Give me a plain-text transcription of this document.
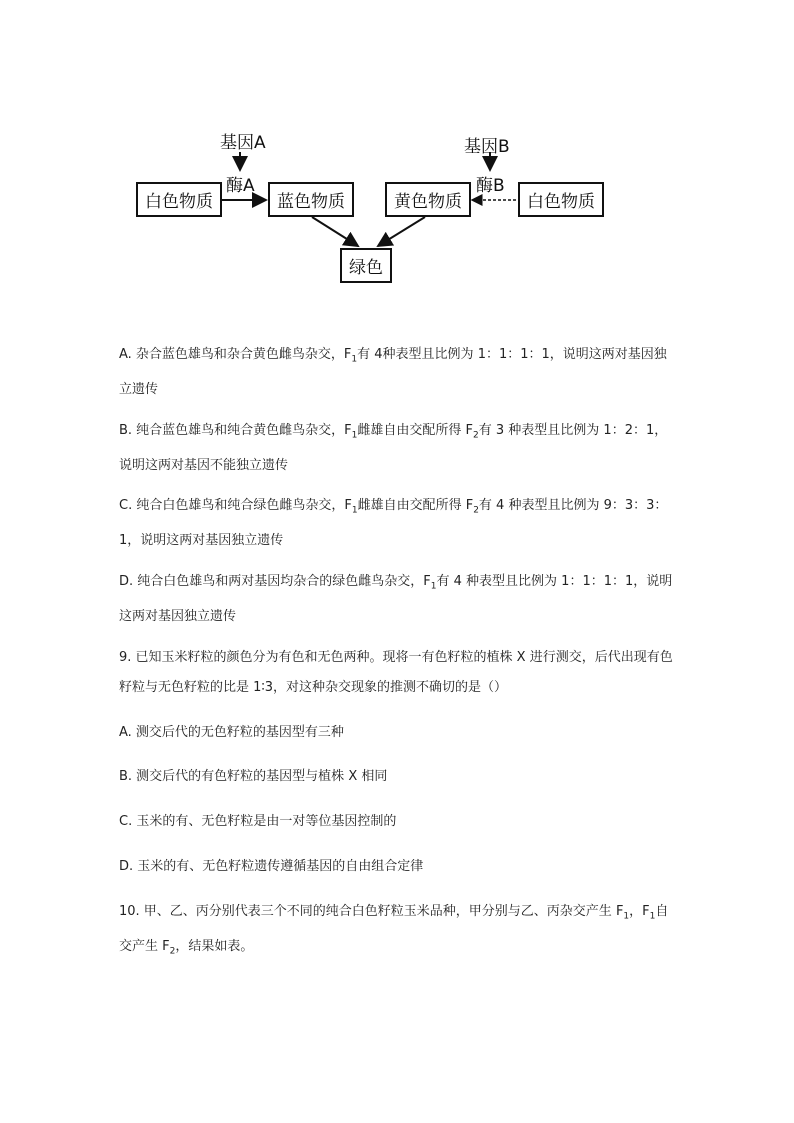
基因A
酶A
基因B
酶B
白色物质	蓝色物质	黄色物质	白色物质
绿色

A. 杂合蓝色雄鸟和杂合黄色雌鸟杂交，$F_1$有 4种表型且比例为 1：1：1：1，说明这两对基因独立遗传

B. 纯合蓝色雄鸟和纯合黄色雌鸟杂交，$F_1$雌雄自由交配所得 $F_2$有 3 种表型且比例为 1：2：1，说明这两对基因不能独立遗传

C. 纯合白色雄鸟和纯合绿色雌鸟杂交，$F_1$雌雄自由交配所得 $F_2$有 4 种表型且比例为 9：3：3：1，说明这两对基因独立遗传

D. 纯合白色雄鸟和两对基因均杂合的绿色雌鸟杂交，$F_1$有 4 种表型且比例为 1：1：1：1，说明这两对基因独立遗传

9. 已知玉米籽粒的颜色分为有色和无色两种。现将一有色籽粒的植株 X 进行测交，后代出现有色籽粒与无色籽粒的比是 1∶3，对这种杂交现象的推测不确切的是（）

A. 测交后代的无色籽粒的基因型有三种

B. 测交后代的有色籽粒的基因型与植株 X 相同

C. 玉米的有、无色籽粒是由一对等位基因控制的

D. 玉米的有、无色籽粒遗传遵循基因的自由组合定律

10. 甲、乙、丙分别代表三个不同的纯合白色籽粒玉米品种，甲分别与乙、丙杂交产生 $F_1$，$F_1$自交产生 $F_2$，结果如表。
